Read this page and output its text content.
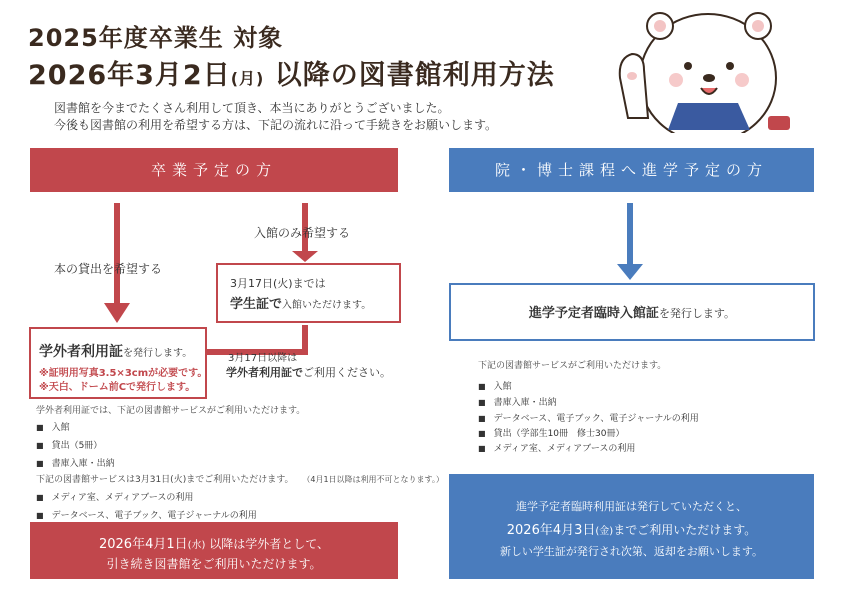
2025年度卒業生 対象
2026年3月2日(月) 以降の図書館利用方法
図書館を今までたくさん利用して頂き、本当にありがとうございました。
今後も図書館の利用を希望する方は、下記の流れに沿って手続きをお願いします。
卒業予定の方
本の貸出を希望する
入館のみ希望する
3月17日(火)までは
学生証で入館いただけます。
3月17日以降は
学外者利用証でご利用ください。
学外者利用証を発行します。
※証明用写真3.5×3cmが必要です。
※天白、ドーム前Cで発行します。
学外者利用証では、下記の図書館サービスがご利用いただけます。
■ 入館
■ 貸出（5冊）
■ 書庫入庫・出納
下記の図書館サービスは3月31日(火)までご利用いただけます。 （4月1日以降は利用不可となります。）
■ メディア室、メディアブースの利用
■ データベース、電子ブック、電子ジャーナルの利用
2026年4月1日(水) 以降は学外者として、
引き続き図書館をご利用いただけます。
院・博士課程へ進学予定の方
進学予定者臨時入館証を発行します。
下記の図書館サービスがご利用いただけます。
■ 入館
■ 書庫入庫・出納
■ データベース、電子ブック、電子ジャーナルの利用
■ 貸出（学部生10冊　修士30冊）
■ メディア室、メディアブースの利用
進学予定者臨時利用証は発行していただくと、
2026年4月3日(金)までご利用いただけます。
新しい学生証が発行され次第、返却をお願いします。
